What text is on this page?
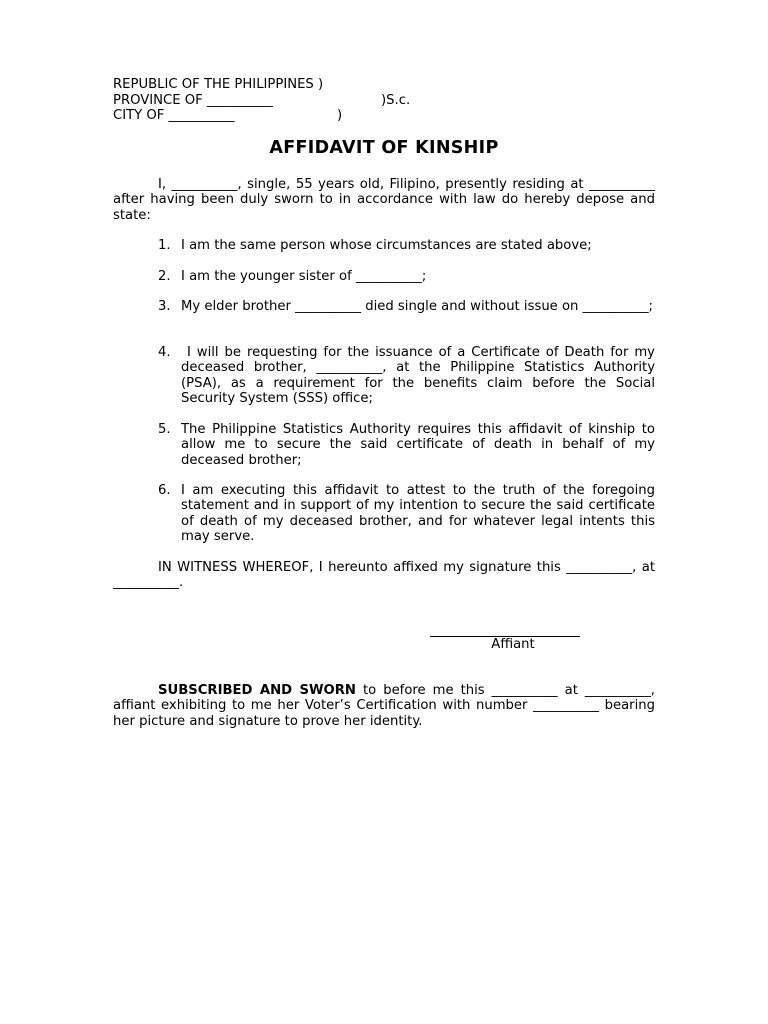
REPUBLIC OF THE PHILIPPINES )
PROVINCE OF __________	)S.c.
CITY OF __________	)
AFFIDAVIT OF KINSHIP

I, __________, single, 55 years old, Filipino, presently residing at __________ after having been duly sworn to in accordance with law do hereby depose and state:

1. I am the same person whose circumstances are stated above;
2. I am the younger sister of __________;
3. My elder brother __________ died single and without issue on __________;
4. I will be requesting for the issuance of a Certificate of Death for my deceased brother, __________, at the Philippine Statistics Authority (PSA), as a requirement for the benefits claim before the Social Security System (SSS) office;
5. The Philippine Statistics Authority requires this affidavit of kinship to allow me to secure the said certificate of death in behalf of my deceased brother;
6. I am executing this affidavit to attest to the truth of the foregoing statement and in support of my intention to secure the said certificate of death of my deceased brother, and for whatever legal intents this may serve.

IN WITNESS WHEREOF, I hereunto affixed my signature this __________, at __________.

Affiant

SUBSCRIBED AND SWORN to before me this __________ at __________, affiant exhibiting to me her Voter’s Certification with number __________ bearing her picture and signature to prove her identity.
